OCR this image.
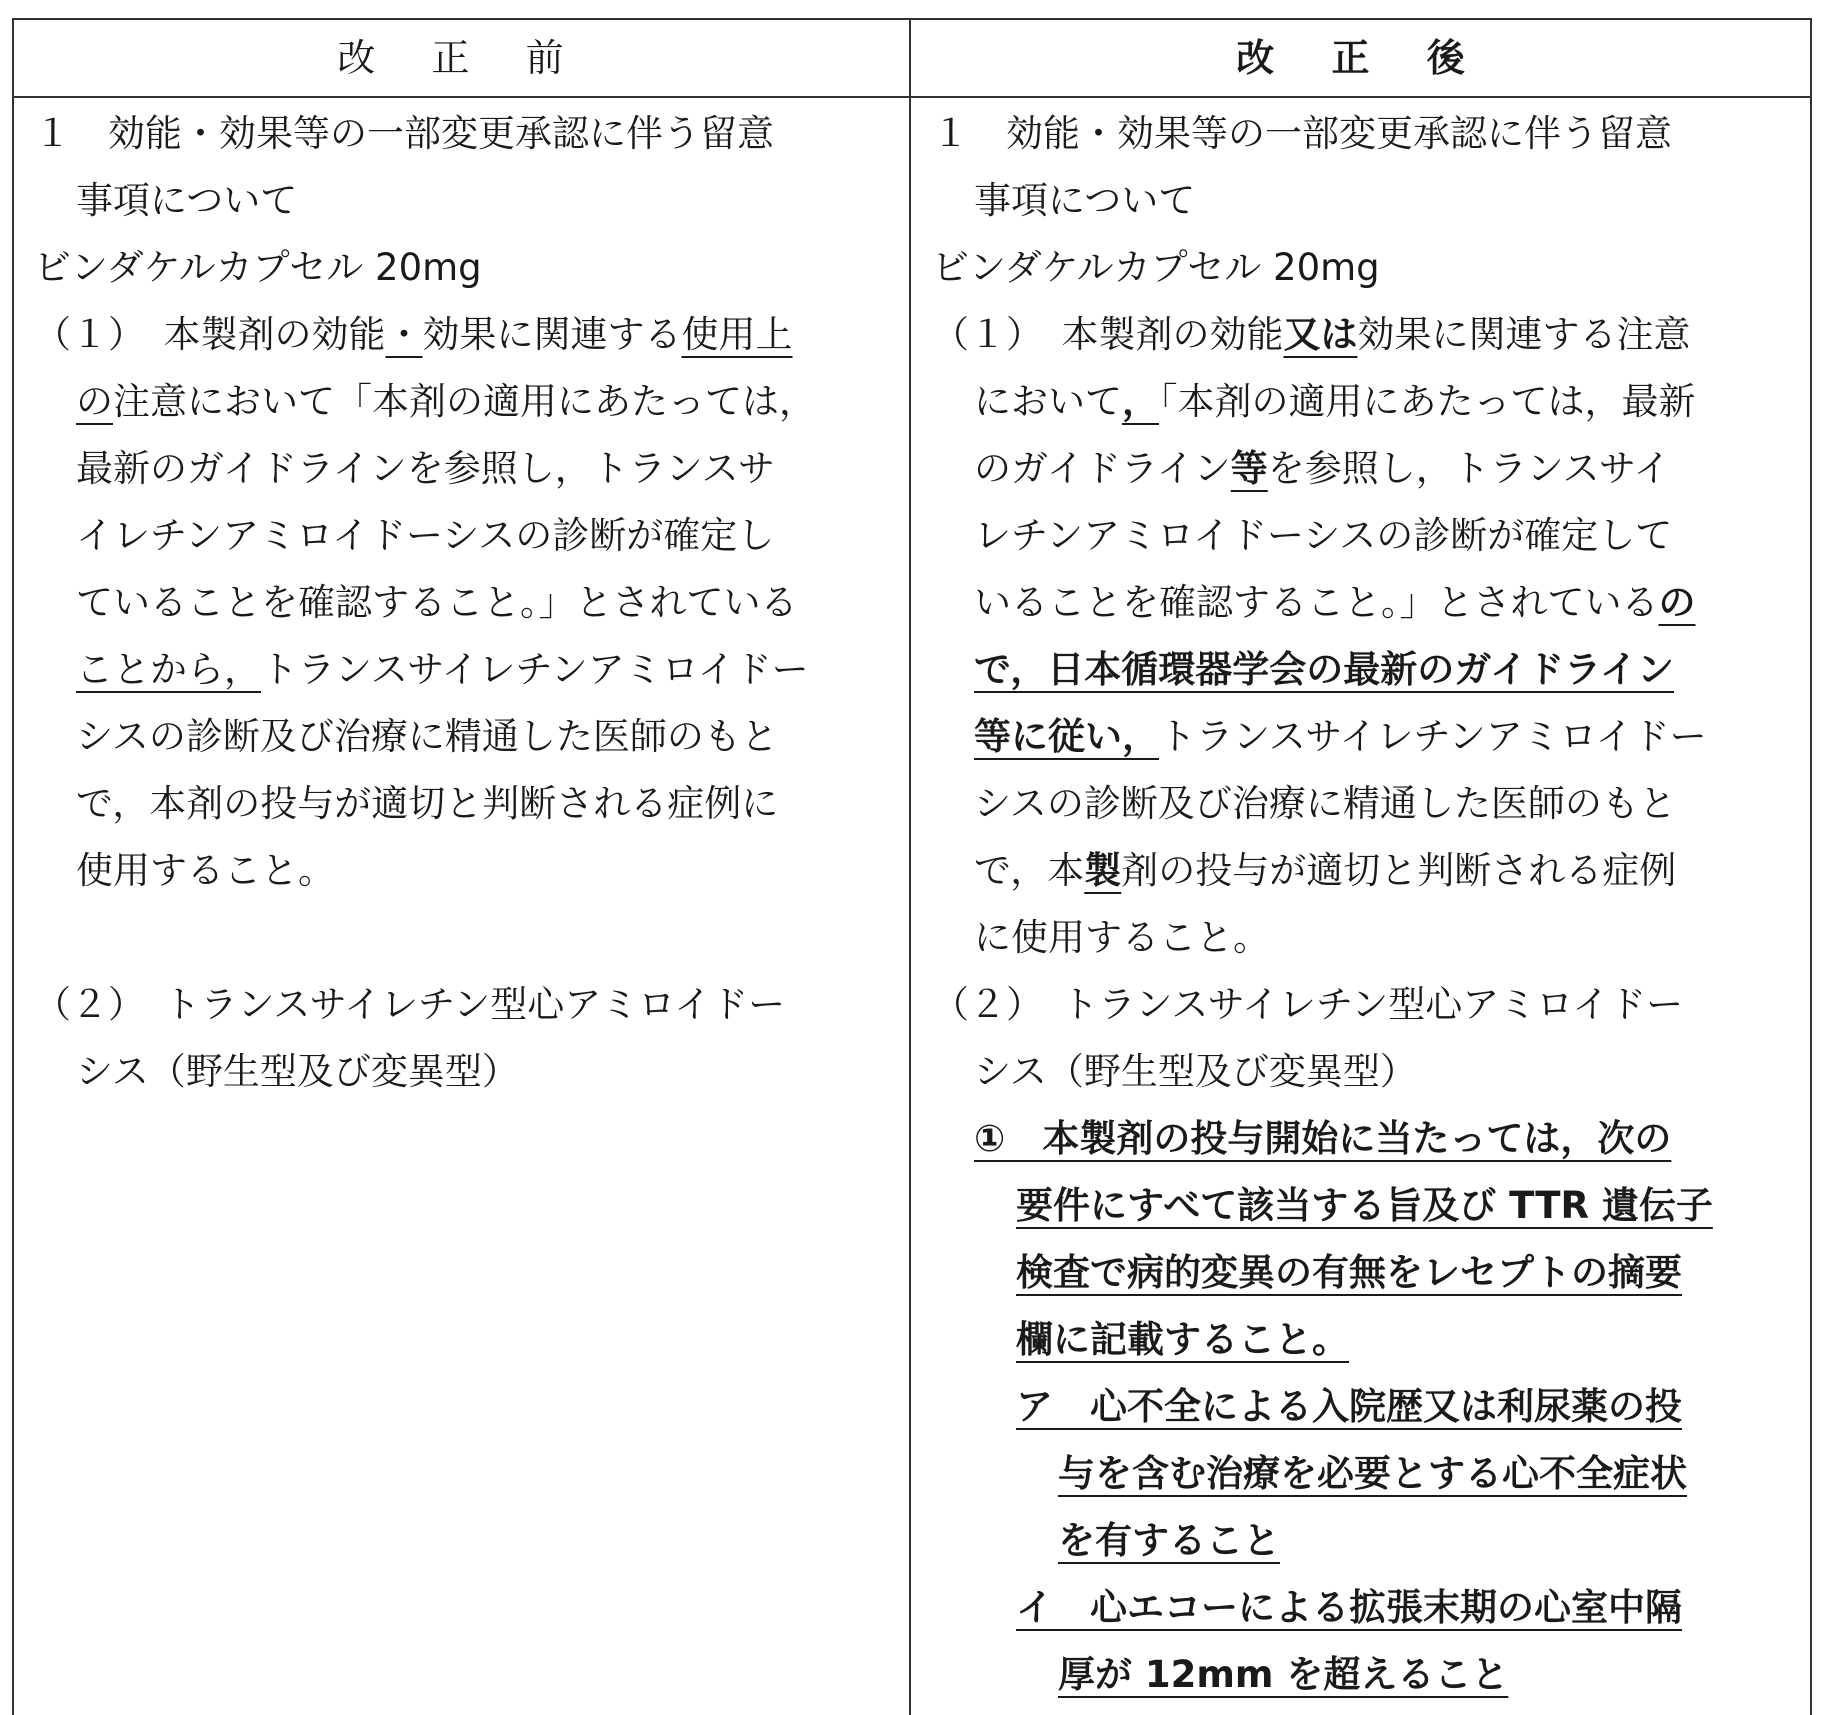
改 正 前	改 正 後
１　効能・効果等の一部変更承認に伴う留意
事項について
ビンダケルカプセル 20mg
（１）　本製剤の効能・効果に関連する使用上
の注意において「本剤の適用にあたっては，
最新のガイドラインを参照し，トランスサ
イレチンアミロイドーシスの診断が確定し
ていることを確認すること。」とされている
ことから，トランスサイレチンアミロイドー
シスの診断及び治療に精通した医師のもと
で，本剤の投与が適切と判断される症例に
使用すること。
（２）　トランスサイレチン型心アミロイドー
シス（野生型及び変異型）
１　効能・効果等の一部変更承認に伴う留意
事項について
ビンダケルカプセル 20mg
（１）　本製剤の効能又は効果に関連する注意
において，「本剤の適用にあたっては，最新
のガイドライン等を参照し，トランスサイ
レチンアミロイドーシスの診断が確定して
いることを確認すること。」とされているの
で，日本循環器学会の最新のガイドライン
等に従い，トランスサイレチンアミロイドー
シスの診断及び治療に精通した医師のもと
で，本製剤の投与が適切と判断される症例
に使用すること。
（２）　トランスサイレチン型心アミロイドー
シス（野生型及び変異型）
①　本製剤の投与開始に当たっては，次の
要件にすべて該当する旨及び TTR 遺伝子
検査で病的変異の有無をレセプトの摘要
欄に記載すること。
ア　心不全による入院歴又は利尿薬の投
与を含む治療を必要とする心不全症状
を有すること
イ　心エコーによる拡張末期の心室中隔
厚が 12mm を超えること
